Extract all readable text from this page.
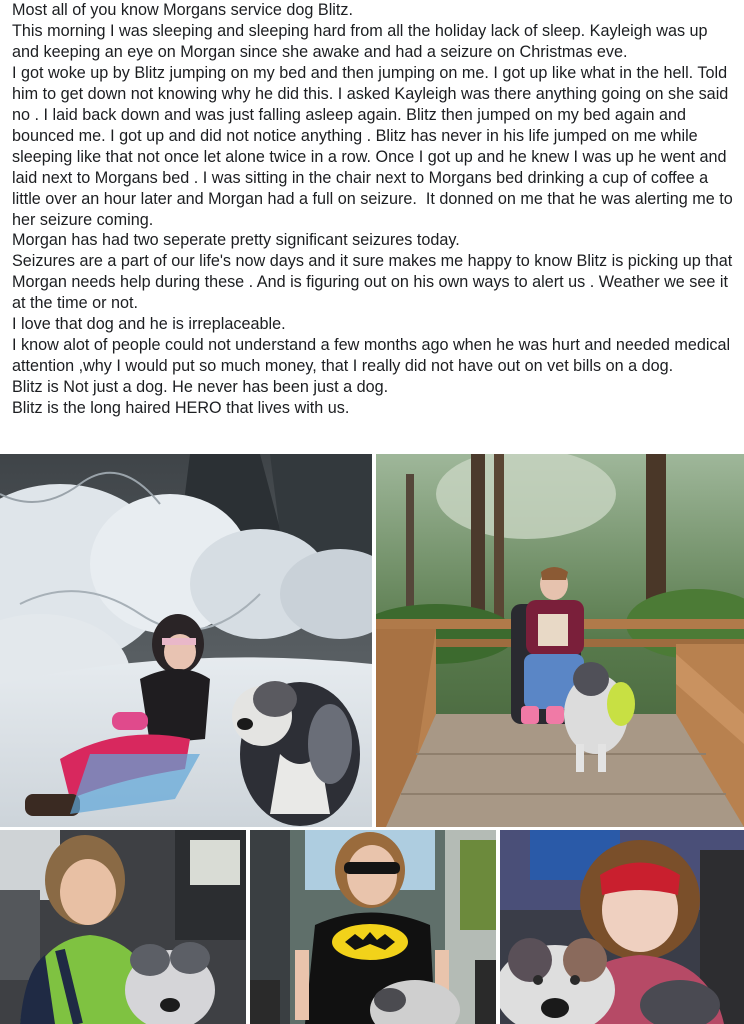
Most all of you know Morgans service dog Blitz.
This morning I was sleeping and sleeping hard from all the holiday lack of sleep. Kayleigh was up and keeping an eye on Morgan since she awake and had a seizure on Christmas eve.
I got woke up by Blitz jumping on my bed and then jumping on me. I got up like what in the hell. Told him to get down not knowing why he did this. I asked Kayleigh was there anything going on she said no . I laid back down and was just falling asleep again. Blitz then jumped on my bed again and bounced me. I got up and did not notice anything . Blitz has never in his life jumped on me while sleeping like that not once let alone twice in a row. Once I got up and he knew I was up he went and laid next to Morgans bed . I was sitting in the chair next to Morgans bed drinking a cup of coffee a little over an hour later and Morgan had a full on seizure.  It donned on me that he was alerting me to her seizure coming.
Morgan has had two seperate pretty significant seizures today.
Seizures are a part of our life's now days and it sure makes me happy to know Blitz is picking up that Morgan needs help during these . And is figuring out on his own ways to alert us . Weather we see it at the time or not.
I love that dog and he is irreplaceable.
I know alot of people could not understand a few months ago when he was hurt and needed medical attention ,why I would put so much money, that I really did not have out on vet bills on a dog.
Blitz is Not just a dog. He never has been just a dog.
Blitz is the long haired HERO that lives with us.
